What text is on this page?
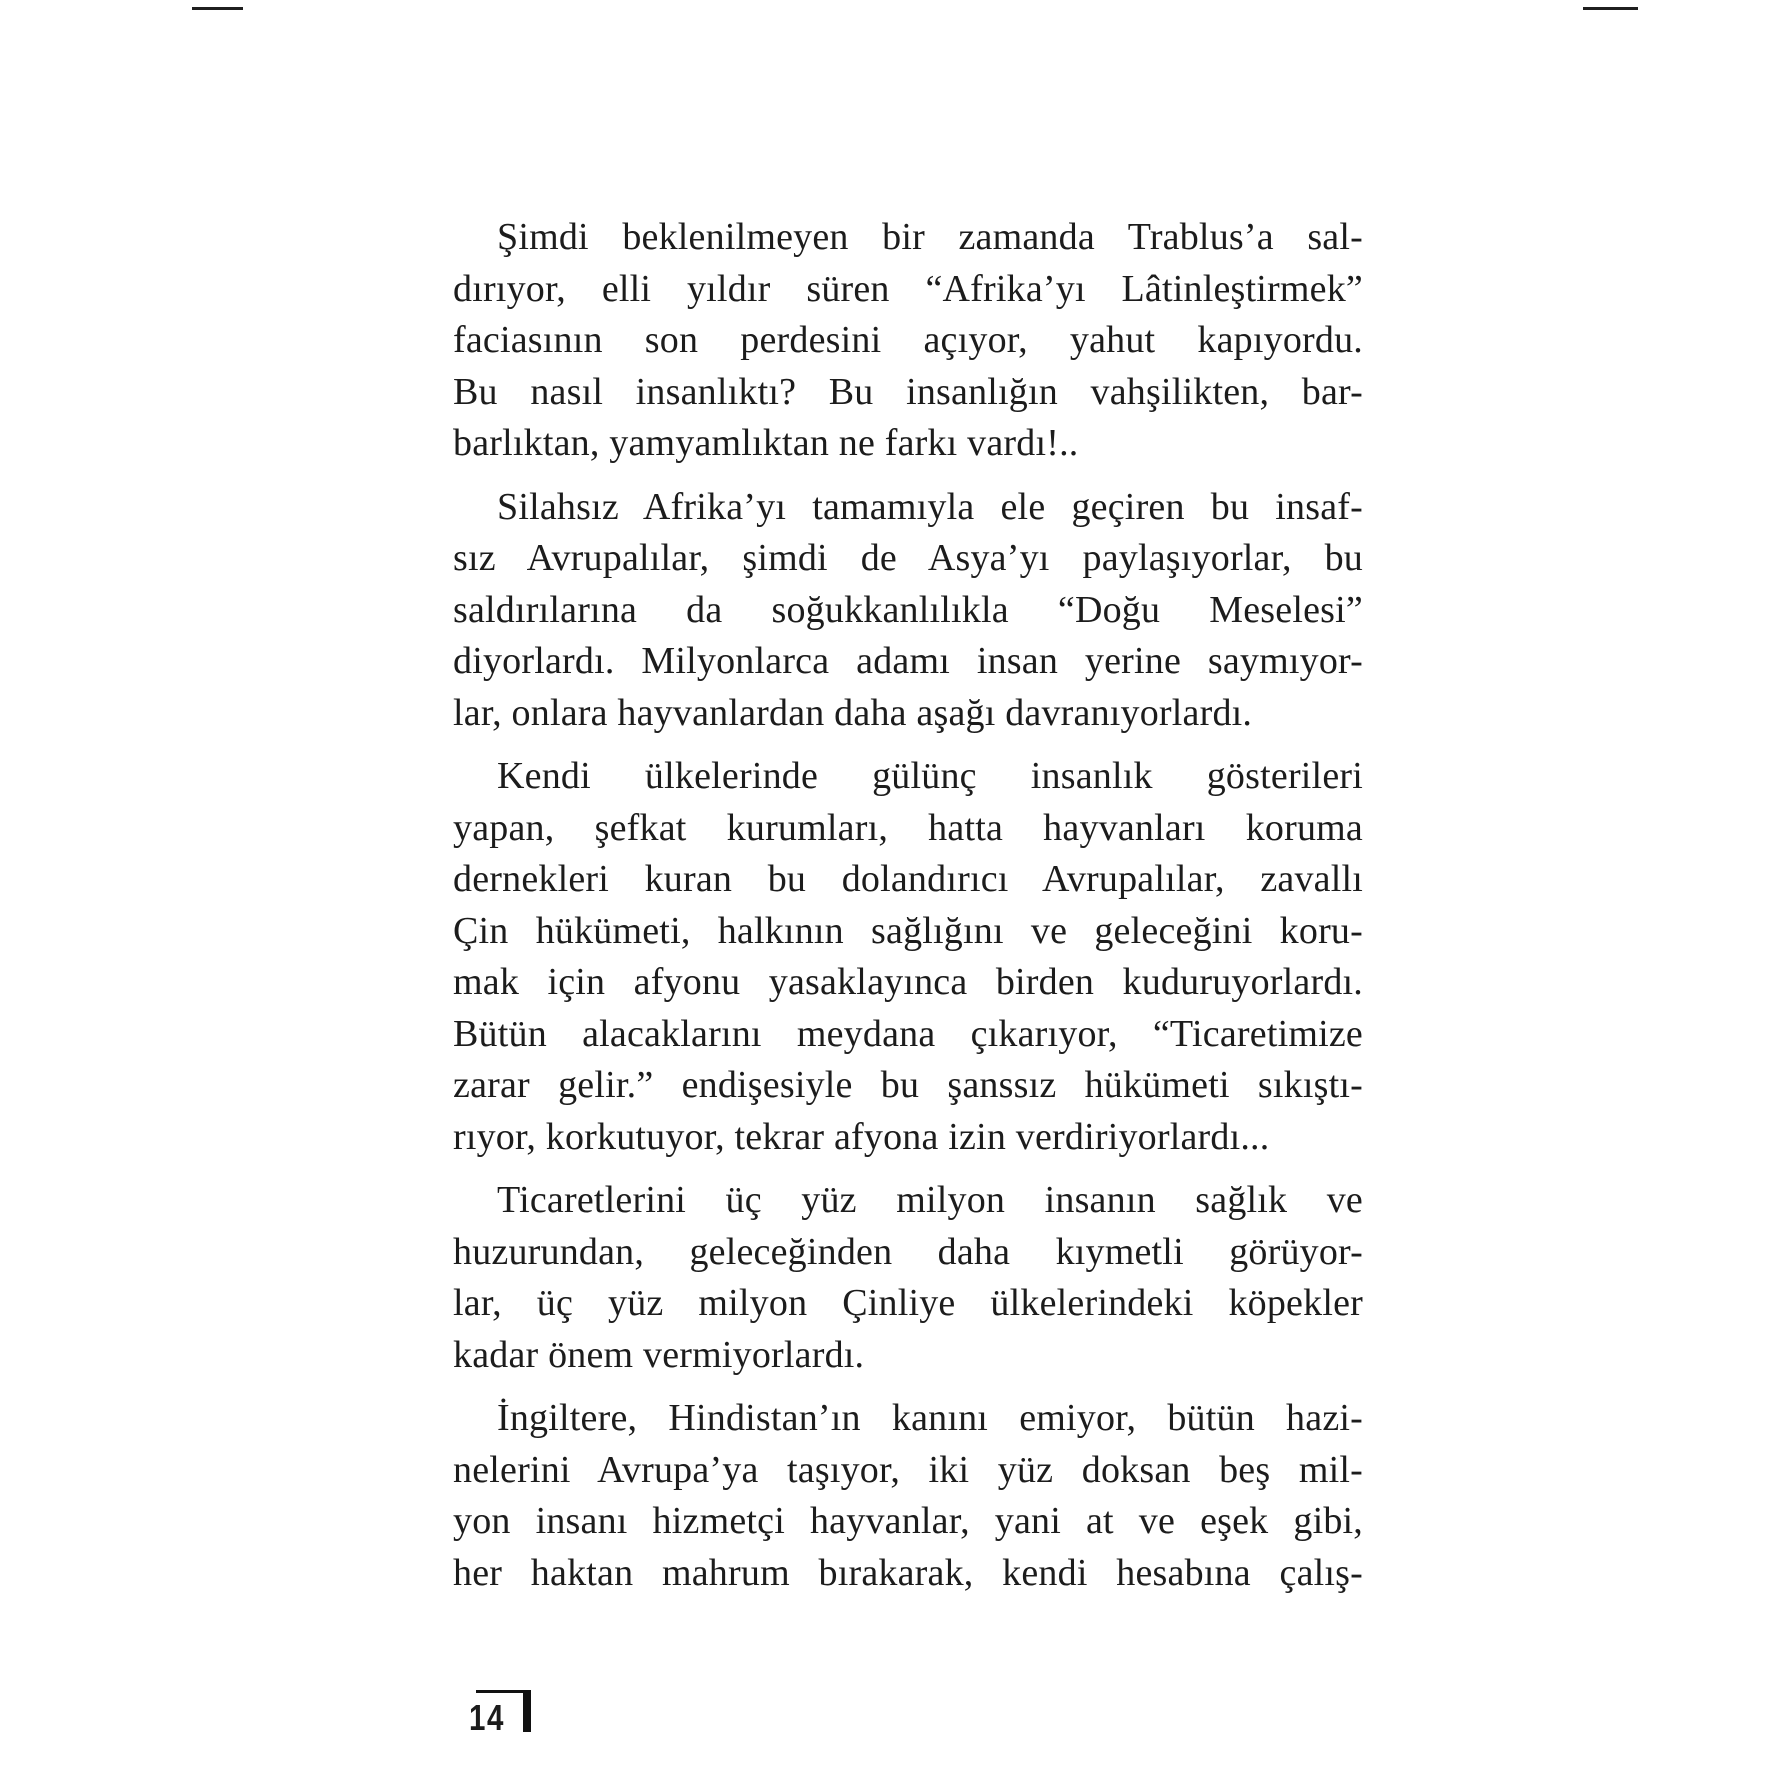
Şimdi beklenilmeyen bir zamanda Trablus’a sal-
dırıyor, elli yıldır süren “Afrika’yı Lâtinleştirmek”
faciasının son perdesini açıyor, yahut kapıyordu.
Bu nasıl insanlıktı? Bu insanlığın vahşilikten, bar-
barlıktan, yamyamlıktan ne farkı vardı!..

Silahsız Afrika’yı tamamıyla ele geçiren bu insaf-
sız Avrupalılar, şimdi de Asya’yı paylaşıyorlar, bu
saldırılarına da soğukkanlılıkla “Doğu Meselesi”
diyorlardı. Milyonlarca adamı insan yerine saymıyor-
lar, onlara hayvanlardan daha aşağı davranıyorlardı.

Kendi ülkelerinde gülünç insanlık gösterileri
yapan, şefkat kurumları, hatta hayvanları koruma
dernekleri kuran bu dolandırıcı Avrupalılar, zavallı
Çin hükümeti, halkının sağlığını ve geleceğini koru-
mak için afyonu yasaklayınca birden kuduruyorlardı.
Bütün alacaklarını meydana çıkarıyor, “Ticaretimize
zarar gelir.” endişesiyle bu şanssız hükümeti sıkıştı-
rıyor, korkutuyor, tekrar afyona izin verdiriyorlardı...

Ticaretlerini üç yüz milyon insanın sağlık ve
huzurundan, geleceğinden daha kıymetli görüyor-
lar, üç yüz milyon Çinliye ülkelerindeki köpekler
kadar önem vermiyorlardı.

İngiltere, Hindistan’ın kanını emiyor, bütün hazi-
nelerini Avrupa’ya taşıyor, iki yüz doksan beş mil-
yon insanı hizmetçi hayvanlar, yani at ve eşek gibi,
her haktan mahrum bırakarak, kendi hesabına çalış-

14
